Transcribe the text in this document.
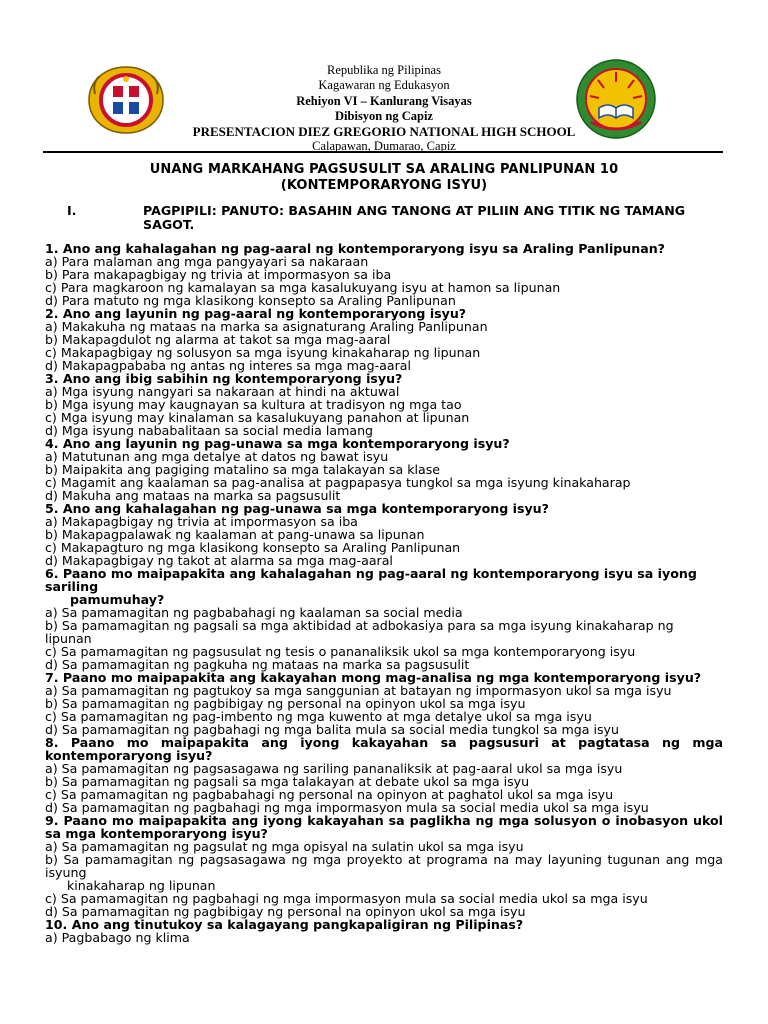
Republika ng Pilipinas
Kagawaran ng Edukasyon
Rehiyon VI – Kanlurang Visayas
Dibisyon ng Capiz
PRESENTACION DIEZ GREGORIO NATIONAL HIGH SCHOOL
Calapawan, Dumarao, Capiz
UNANG MARKAHANG PAGSUSULIT SA ARALING PANLIPUNAN 10
(KONTEMPORARYONG ISYU)
I.	PAGPIPILI: PANUTO: BASAHIN ANG TANONG AT PILIIN ANG TITIK NG TAMANG
SAGOT.
1. Ano ang kahalagahan ng pag-aaral ng kontemporaryong isyu sa Araling Panlipunan?
a) Para malaman ang mga pangyayari sa nakaraan
b) Para makapagbigay ng trivia at impormasyon sa iba
c) Para magkaroon ng kamalayan sa mga kasalukuyang isyu at hamon sa lipunan
d) Para matuto ng mga klasikong konsepto sa Araling Panlipunan
2. Ano ang layunin ng pag-aaral ng kontemporaryong isyu?
a) Makakuha ng mataas na marka sa asignaturang Araling Panlipunan
b) Makapagdulot ng alarma at takot sa mga mag-aaral
c) Makapagbigay ng solusyon sa mga isyung kinakaharap ng lipunan
d) Makapagpababa ng antas ng interes sa mga mag-aaral
3. Ano ang ibig sabihin ng kontemporaryong isyu?
a) Mga isyung nangyari sa nakaraan at hindi na aktuwal
b) Mga isyung may kaugnayan sa kultura at tradisyon ng mga tao
c) Mga isyung may kinalaman sa kasalukuyang panahon at lipunan
d) Mga isyung nababalitaan sa social media lamang
4. Ano ang layunin ng pag-unawa sa mga kontemporaryong isyu?
a) Matutunan ang mga detalye at datos ng bawat isyu
b) Maipakita ang pagiging matalino sa mga talakayan sa klase
c) Magamit ang kaalaman sa pag-analisa at pagpapasya tungkol sa mga isyung kinakaharap
d) Makuha ang mataas na marka sa pagsusulit
5. Ano ang kahalagahan ng pag-unawa sa mga kontemporaryong isyu?
a) Makapagbigay ng trivia at impormasyon sa iba
b) Makapagpalawak ng kaalaman at pang-unawa sa lipunan
c) Makapagturo ng mga klasikong konsepto sa Araling Panlipunan
d) Makapagbigay ng takot at alarma sa mga mag-aaral
6. Paano mo maipapakita ang kahalagahan ng pag-aaral ng kontemporaryong isyu sa iyong sariling
pamumuhay?
a) Sa pamamagitan ng pagbabahagi ng kaalaman sa social media
b) Sa pamamagitan ng pagsali sa mga aktibidad at adbokasiya para sa mga isyung kinakaharap ng lipunan
c) Sa pamamagitan ng pagsusulat ng tesis o pananaliksik ukol sa mga kontemporaryong isyu
d) Sa pamamagitan ng pagkuha ng mataas na marka sa pagsusulit
7. Paano mo maipapakita ang kakayahan mong mag-analisa ng mga kontemporaryong isyu?
a) Sa pamamagitan ng pagtukoy sa mga sanggunian at batayan ng impormasyon ukol sa mga isyu
b) Sa pamamagitan ng pagbibigay ng personal na opinyon ukol sa mga isyu
c) Sa pamamagitan ng pag-imbento ng mga kuwento at mga detalye ukol sa mga isyu
d) Sa pamamagitan ng pagbahagi ng mga balita mula sa social media tungkol sa mga isyu
8. Paano mo maipapakita ang iyong kakayahan sa pagsusuri at pagtatasa ng mga kontemporaryong isyu?
a) Sa pamamagitan ng pagsasagawa ng sariling pananaliksik at pag-aaral ukol sa mga isyu
b) Sa pamamagitan ng pagsali sa mga talakayan at debate ukol sa mga isyu
c) Sa pamamagitan ng pagbabahagi ng personal na opinyon at paghatol ukol sa mga isyu
d) Sa pamamagitan ng pagbahagi ng mga impormasyon mula sa social media ukol sa mga isyu
9. Paano mo maipapakita ang iyong kakayahan sa paglikha ng mga solusyon o inobasyon ukol sa mga kontemporaryong isyu?
a) Sa pamamagitan ng pagsulat ng mga opisyal na sulatin ukol sa mga isyu
b) Sa pamamagitan ng pagsasagawa ng mga proyekto at programa na may layuning tugunan ang mga isyung
kinakaharap ng lipunan
c) Sa pamamagitan ng pagbahagi ng mga impormasyon mula sa social media ukol sa mga isyu
d) Sa pamamagitan ng pagbibigay ng personal na opinyon ukol sa mga isyu
10. Ano ang tinutukoy sa kalagayang pangkapaligiran ng Pilipinas?
a) Pagbabago ng klima
